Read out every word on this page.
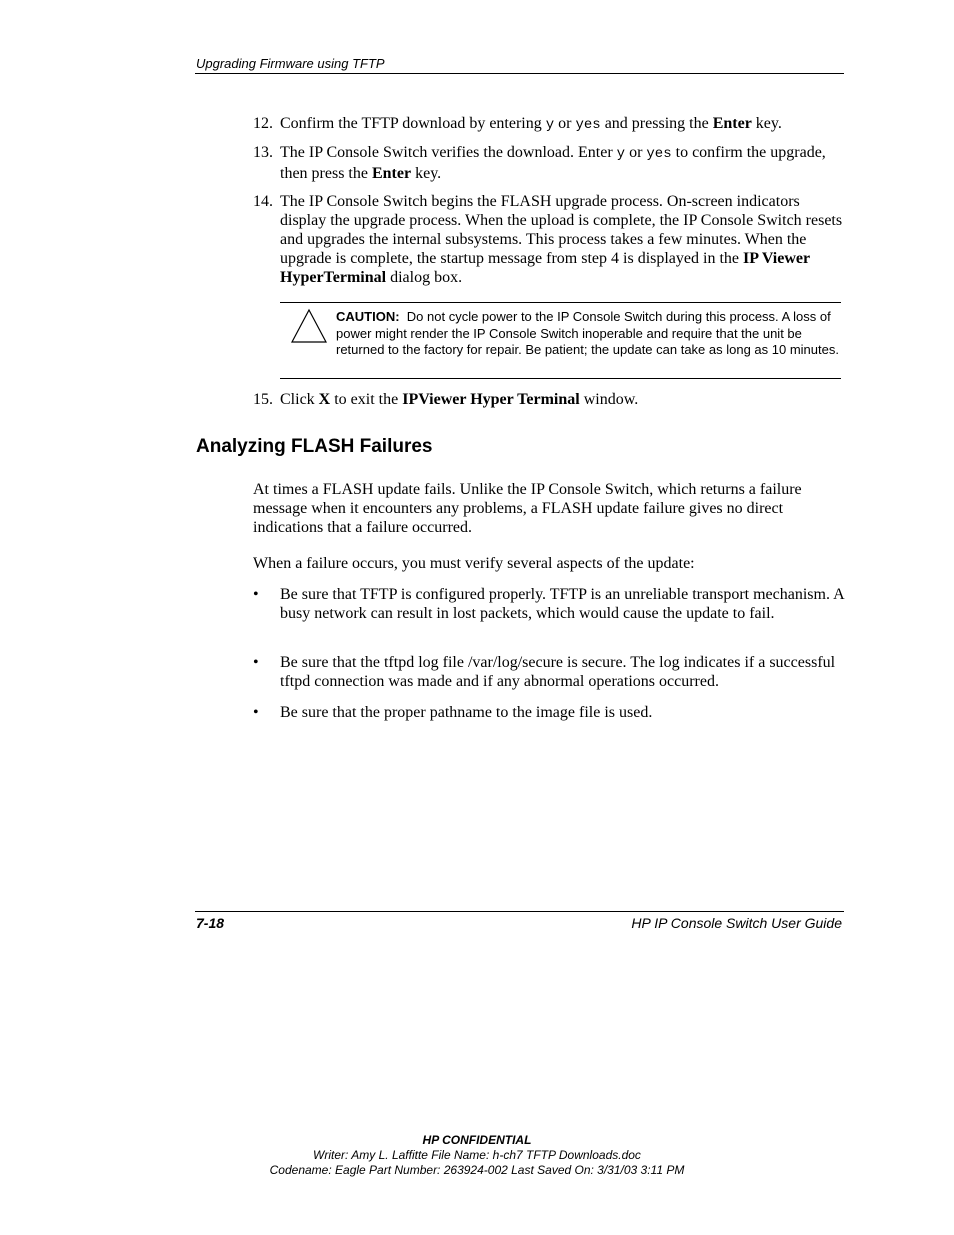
Upgrading Firmware using TFTP
12. Confirm the TFTP download by entering y or yes and pressing the Enter key.
13. The IP Console Switch verifies the download. Enter y or yes to confirm the upgrade, then press the Enter key.
14. The IP Console Switch begins the FLASH upgrade process. On-screen indicators display the upgrade process. When the upload is complete, the IP Console Switch resets and upgrades the internal subsystems. This process takes a few minutes. When the upgrade is complete, the startup message from step 4 is displayed in the IP Viewer HyperTerminal dialog box.
CAUTION: Do not cycle power to the IP Console Switch during this process. A loss of power might render the IP Console Switch inoperable and require that the unit be returned to the factory for repair. Be patient; the update can take as long as 10 minutes.
15. Click X to exit the IPViewer Hyper Terminal window.
Analyzing FLASH Failures
At times a FLASH update fails. Unlike the IP Console Switch, which returns a failure message when it encounters any problems, a FLASH update failure gives no direct indications that a failure occurred.
When a failure occurs, you must verify several aspects of the update:
• Be sure that TFTP is configured properly. TFTP is an unreliable transport mechanism. A busy network can result in lost packets, which would cause the update to fail.
• Be sure that the tftpd log file /var/log/secure is secure. The log indicates if a successful tftpd connection was made and if any abnormal operations occurred.
• Be sure that the proper pathname to the image file is used.
7-18	HP IP Console Switch User Guide
HP CONFIDENTIAL
Writer: Amy L. Laffitte File Name: h-ch7 TFTP Downloads.doc
Codename: Eagle Part Number: 263924-002 Last Saved On: 3/31/03 3:11 PM
